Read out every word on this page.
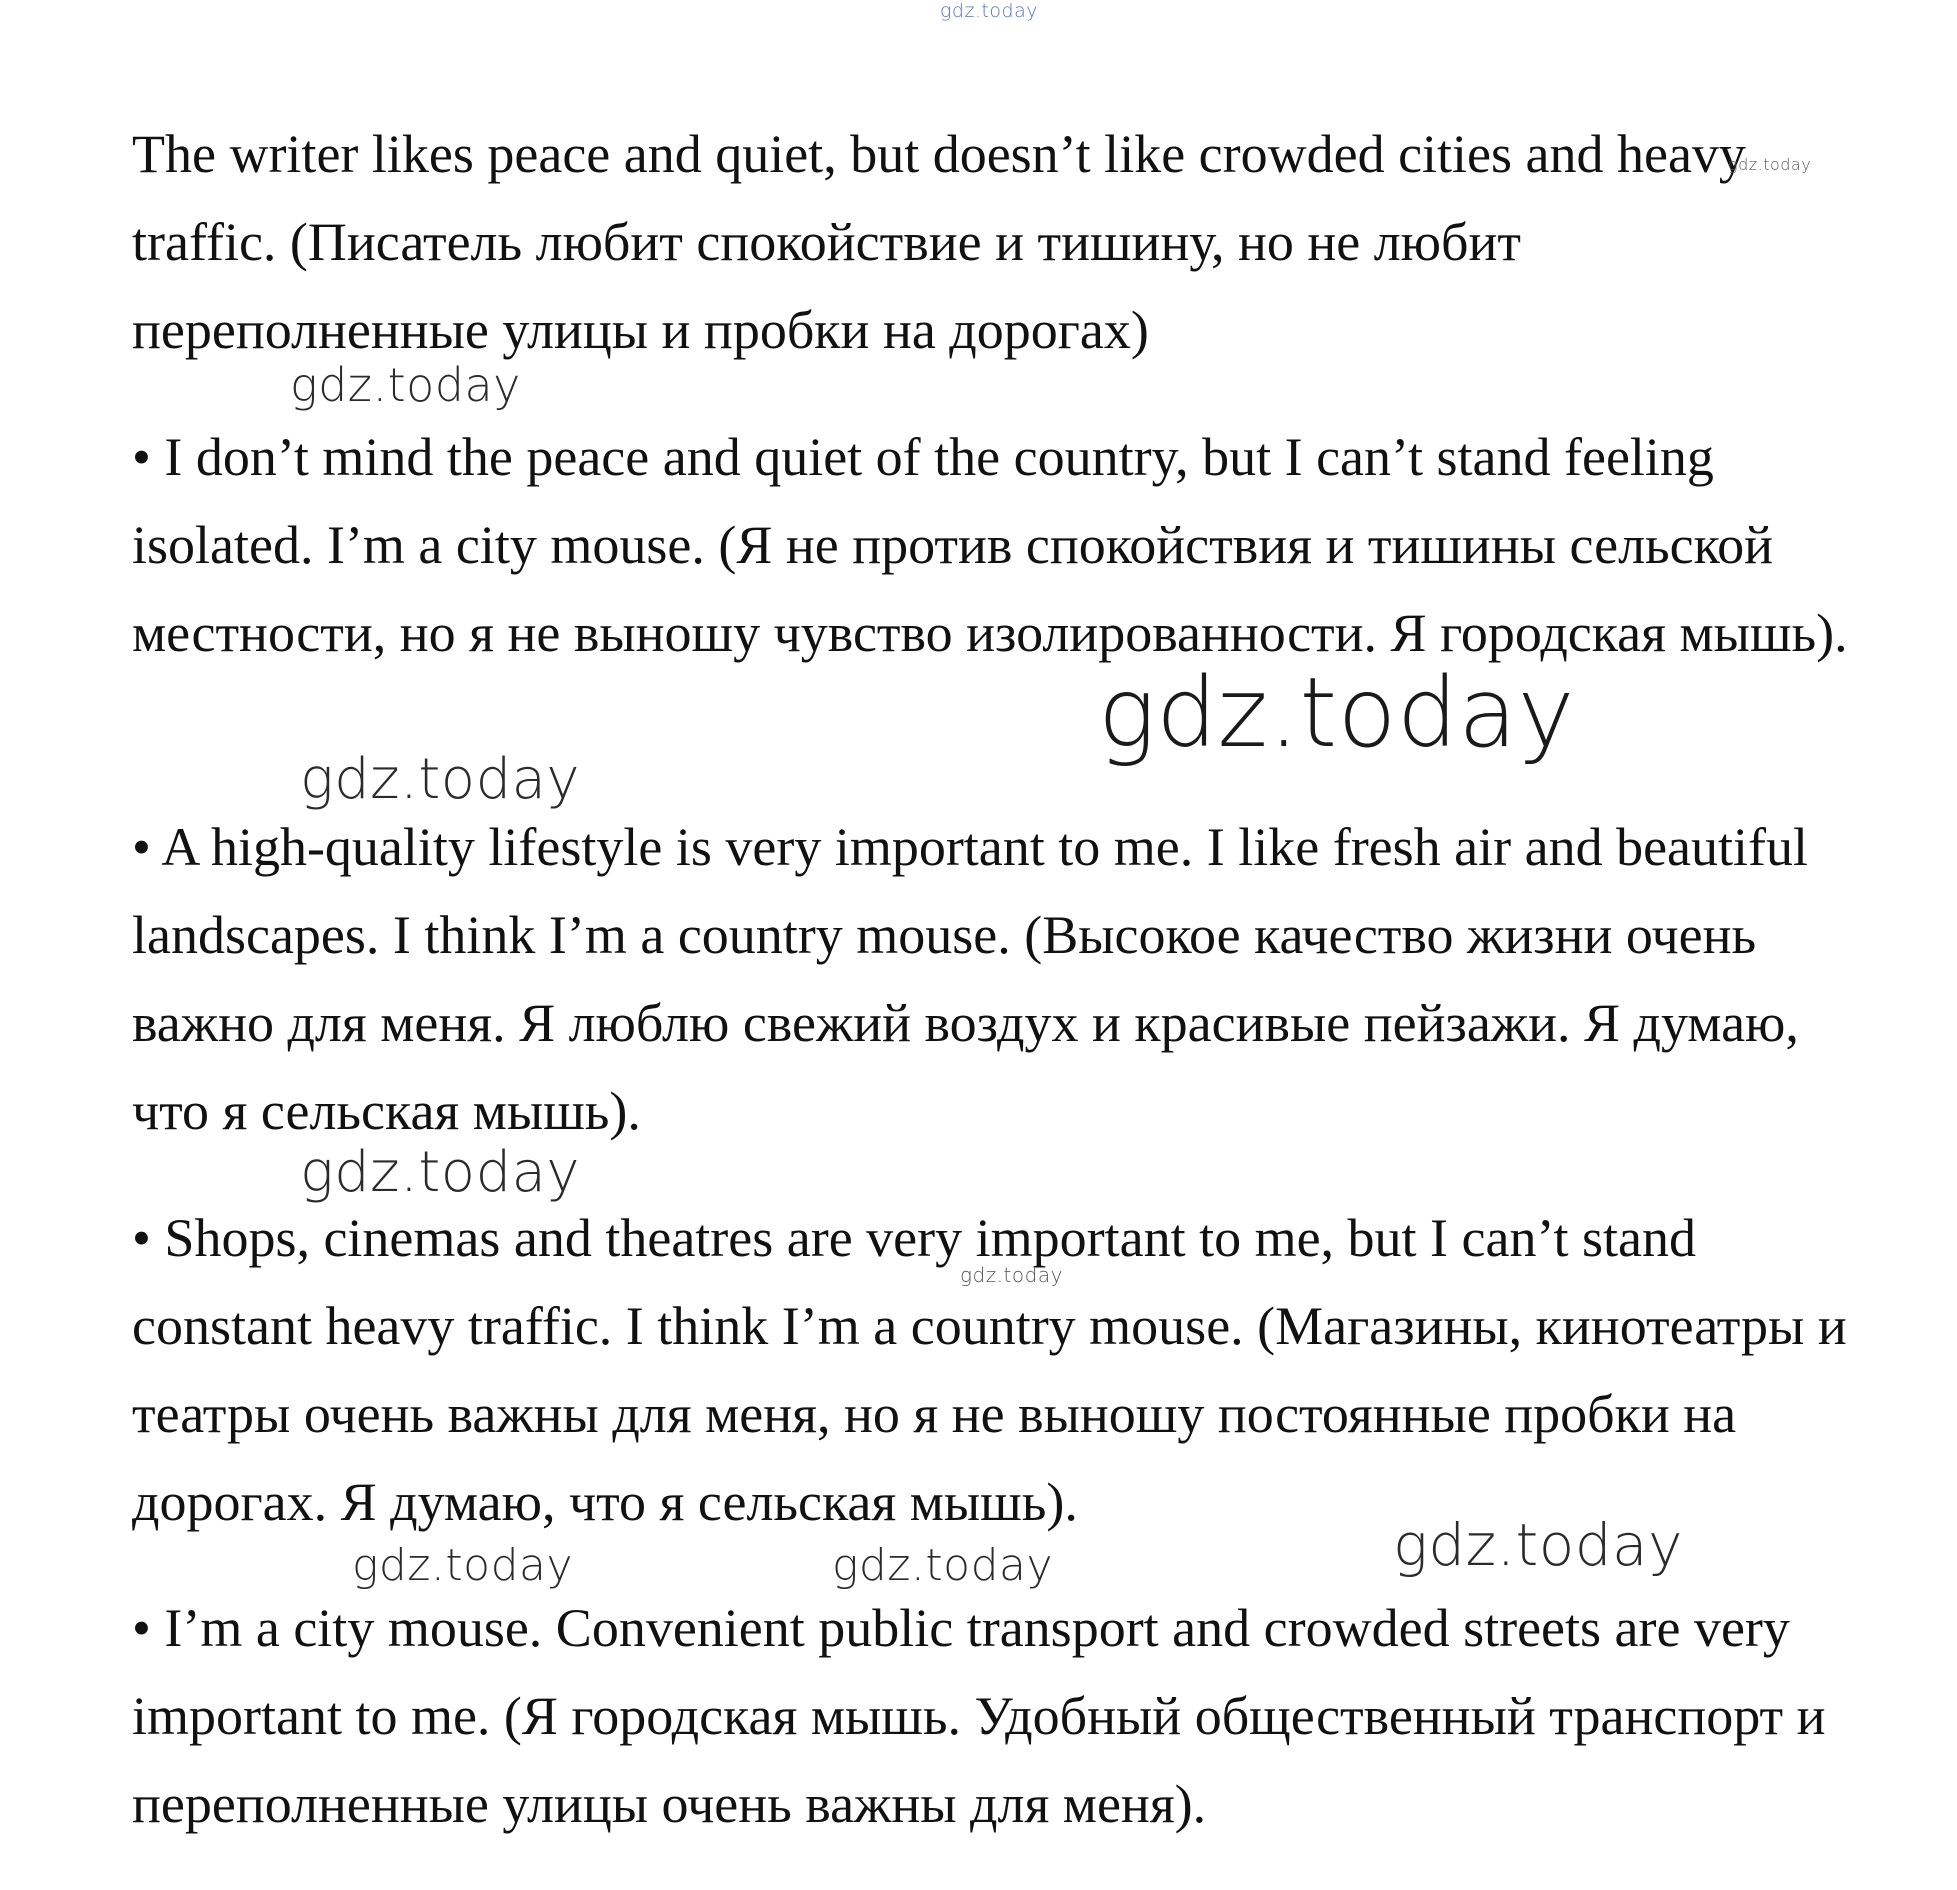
gdz.today

The writer likes peace and quiet, but doesn’t like crowded cities and heavy traffic. (Писатель любит спокойствие и тишину, но не любит переполненные улицы и пробки на дорогах)

gdz.today
gdz.today

• I don’t mind the peace and quiet of the country, but I can’t stand feeling isolated. I’m a city mouse. (Я не против спокойствия и тишины сельской местности, но я не выношу чувство изолированности. Я городская мышь).

gdz.today
gdz.today

• A high-quality lifestyle is very important to me. I like fresh air and beautiful landscapes. I think I’m a country mouse. (Высокое качество жизни очень важно для меня. Я люблю свежий воздух и красивые пейзажи. Я думаю, что я сельская мышь).

gdz.today

• Shops, cinemas and theatres are very important to me, but I can’t stand constant heavy traffic. I think I’m a country mouse. (Магазины, кинотеатры и театры очень важны для меня, но я не выношу постоянные пробки на дорогах. Я думаю, что я сельская мышь).

gdz.today
gdz.today	gdz.today	gdz.today

• I’m a city mouse. Convenient public transport and crowded streets are very important to me. (Я городская мышь. Удобный общественный транспорт и переполненные улицы очень важны для меня).
